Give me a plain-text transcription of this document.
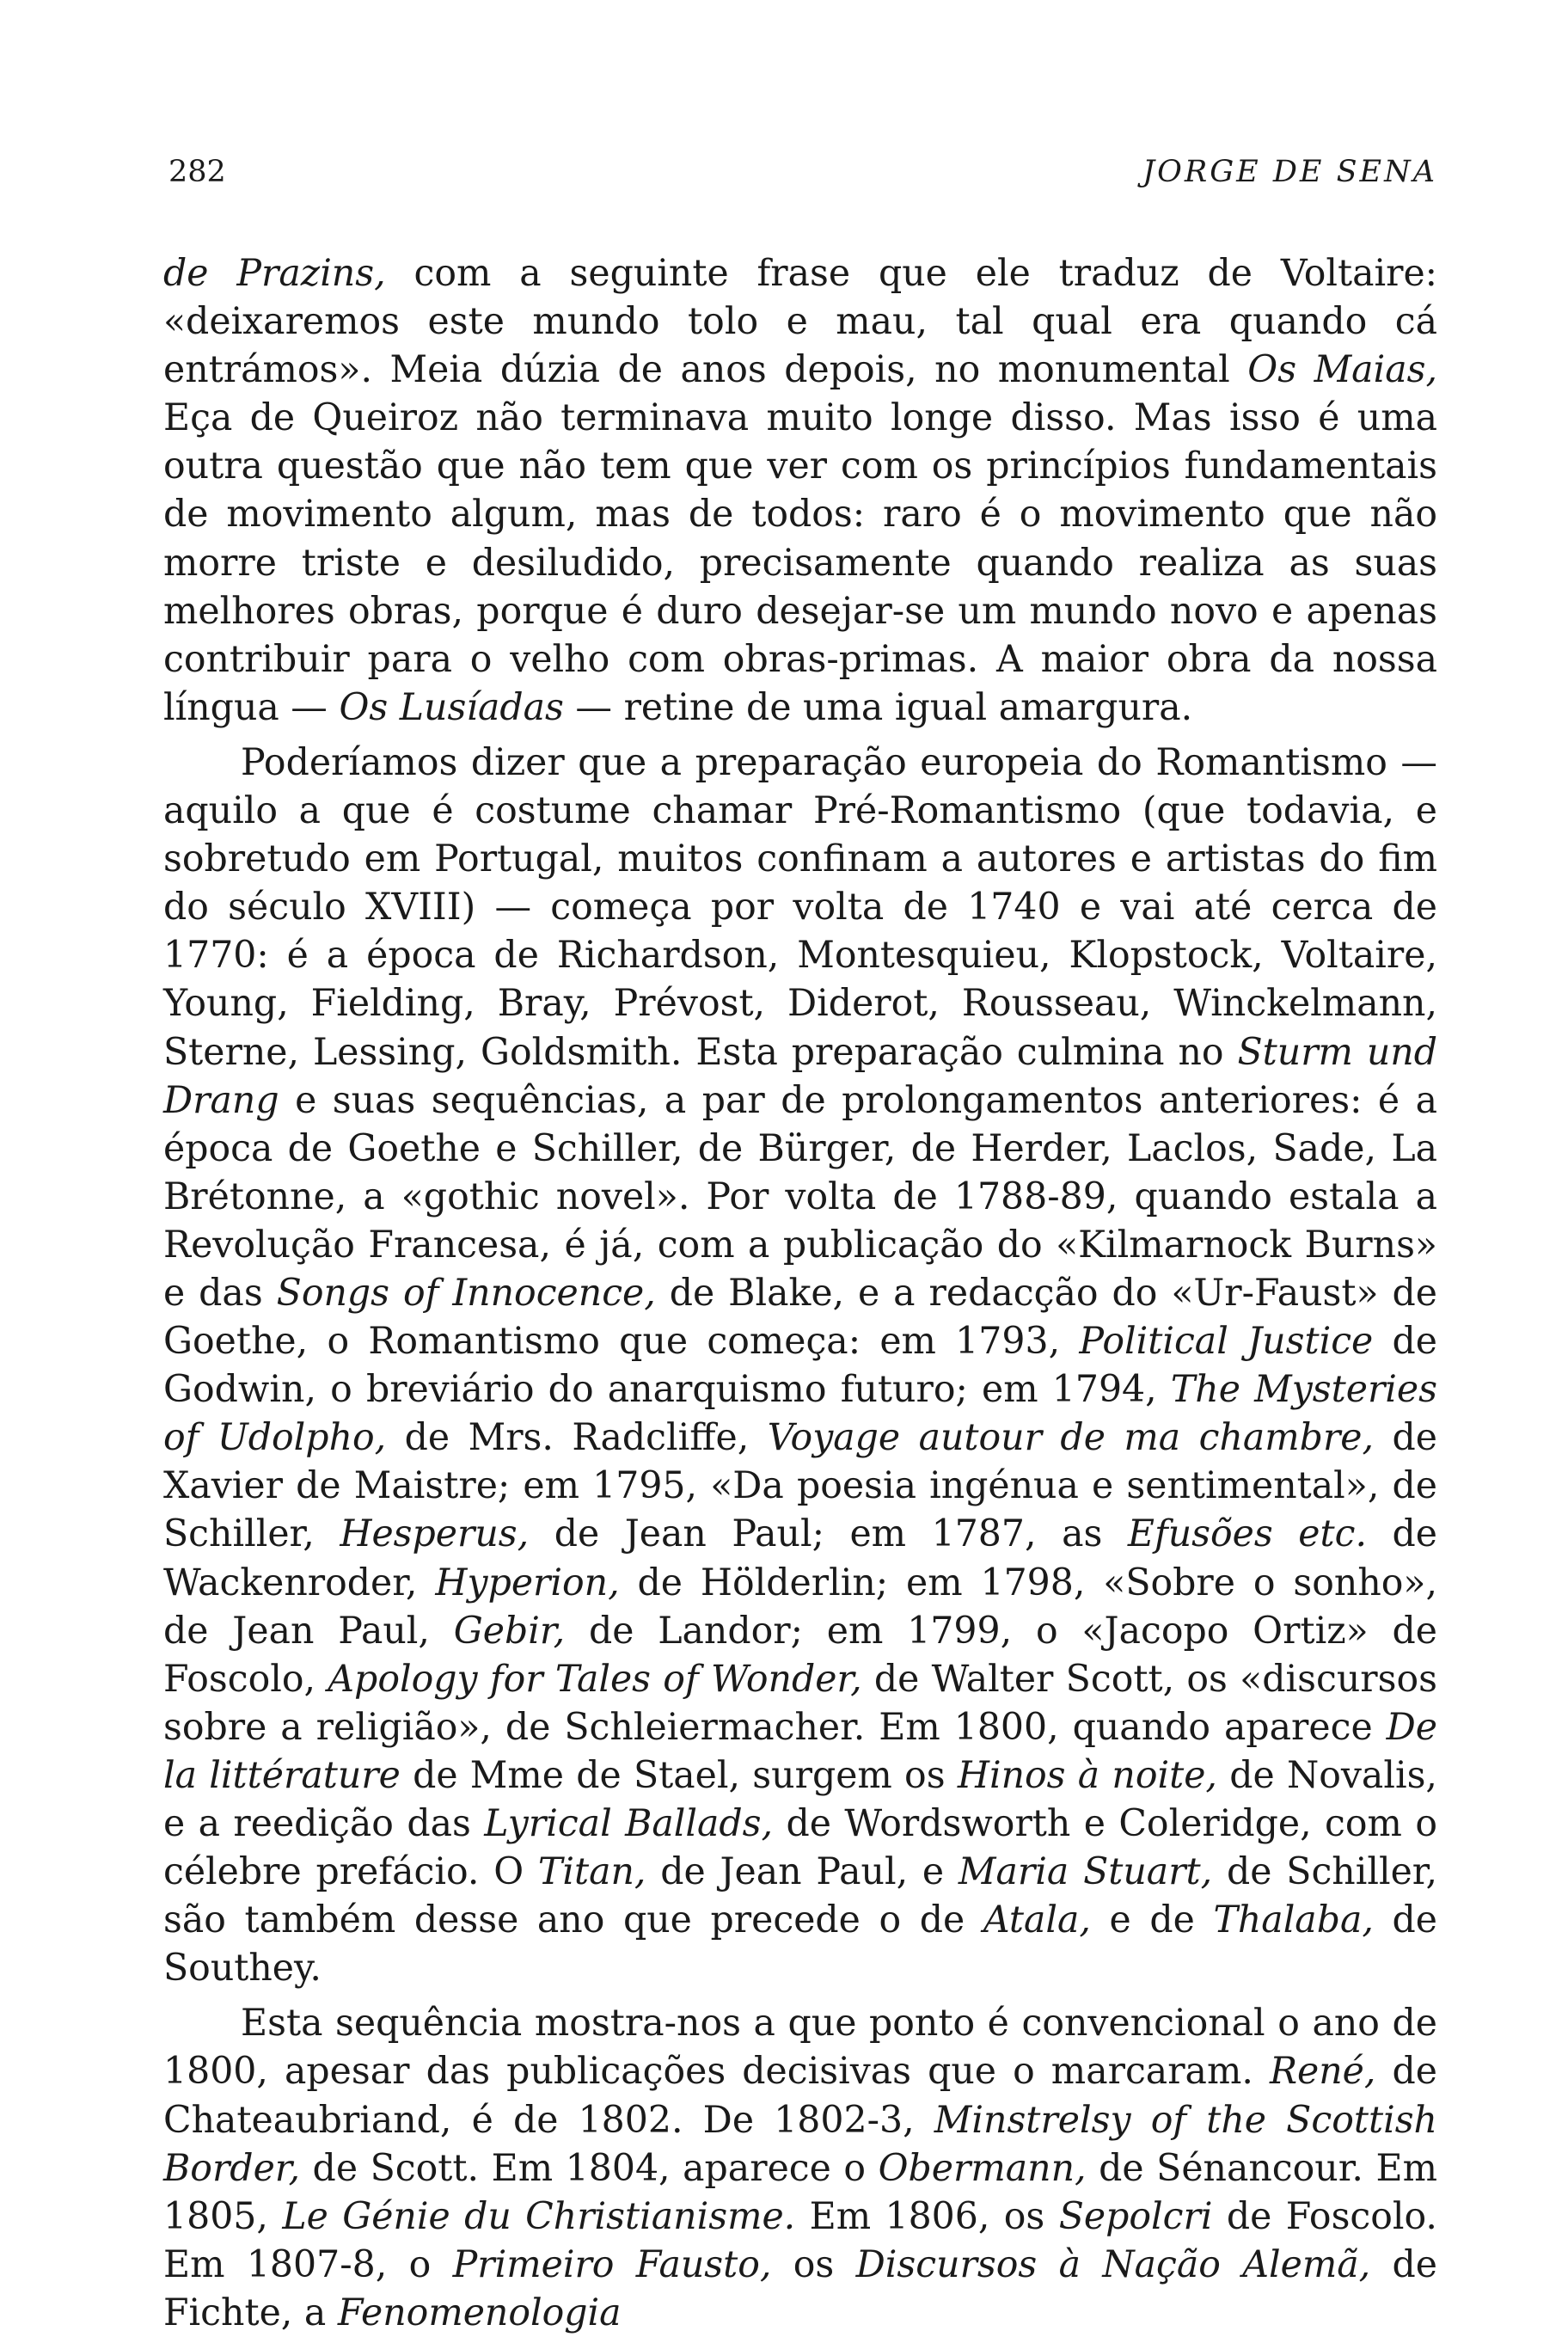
282	JORGE DE SENA

de Prazins, com a seguinte frase que ele traduz de Voltaire: «deixaremos este mundo tolo e mau, tal qual era quando cá entrámos». Meia dúzia de anos depois, no monumental Os Maias, Eça de Queiroz não terminava muito longe disso. Mas isso é uma outra questão que não tem que ver com os princípios fundamentais de movimento algum, mas de todos: raro é o movimento que não morre triste e desiludido, precisamente quando realiza as suas melhores obras, porque é duro desejar-se um mundo novo e apenas contribuir para o velho com obras-primas. A maior obra da nossa língua — Os Lusíadas — retine de uma igual amargura.

Poderíamos dizer que a preparação europeia do Romantismo — aquilo a que é costume chamar Pré-Romantismo (que todavia, e sobretudo em Portugal, muitos confinam a autores e artistas do fim do século XVIII) — começa por volta de 1740 e vai até cerca de 1770: é a época de Richardson, Montesquieu, Klopstock, Voltaire, Young, Fielding, Bray, Prévost, Diderot, Rousseau, Winckelmann, Sterne, Lessing, Goldsmith. Esta preparação culmina no Sturm und Drang e suas sequências, a par de prolongamentos anteriores: é a época de Goethe e Schiller, de Bürger, de Herder, Laclos, Sade, La Brétonne, a «gothic novel». Por volta de 1788-89, quando estala a Revolução Francesa, é já, com a publicação do «Kilmarnock Burns» e das Songs of Innocence, de Blake, e a redacção do «Ur-Faust» de Goethe, o Romantismo que começa: em 1793, Political Justice de Godwin, o breviário do anarquismo futuro; em 1794, The Mysteries of Udolpho, de Mrs. Radcliffe, Voyage autour de ma chambre, de Xavier de Maistre; em 1795, «Da poesia ingénua e sentimental», de Schiller, Hesperus, de Jean Paul; em 1787, as Efusões etc. de Wackenroder, Hyperion, de Hölderlin; em 1798, «Sobre o sonho», de Jean Paul, Gebir, de Landor; em 1799, o «Jacopo Ortiz» de Foscolo, Apology for Tales of Wonder, de Walter Scott, os «discursos sobre a religião», de Schleiermacher. Em 1800, quando aparece De la littérature de Mme de Stael, surgem os Hinos à noite, de Novalis, e a reedição das Lyrical Ballads, de Wordsworth e Coleridge, com o célebre prefácio. O Titan, de Jean Paul, e Maria Stuart, de Schiller, são também desse ano que precede o de Atala, e de Thalaba, de Southey.

Esta sequência mostra-nos a que ponto é convencional o ano de 1800, apesar das publicações decisivas que o marcaram. René, de Chateaubriand, é de 1802. De 1802-3, Minstrelsy of the Scottish Border, de Scott. Em 1804, aparece o Obermann, de Sénancour. Em 1805, Le Génie du Christianisme. Em 1806, os Sepolcri de Foscolo. Em 1807-8, o Primeiro Fausto, os Discursos à Nação Alemã, de Fichte, a Fenomenologia
